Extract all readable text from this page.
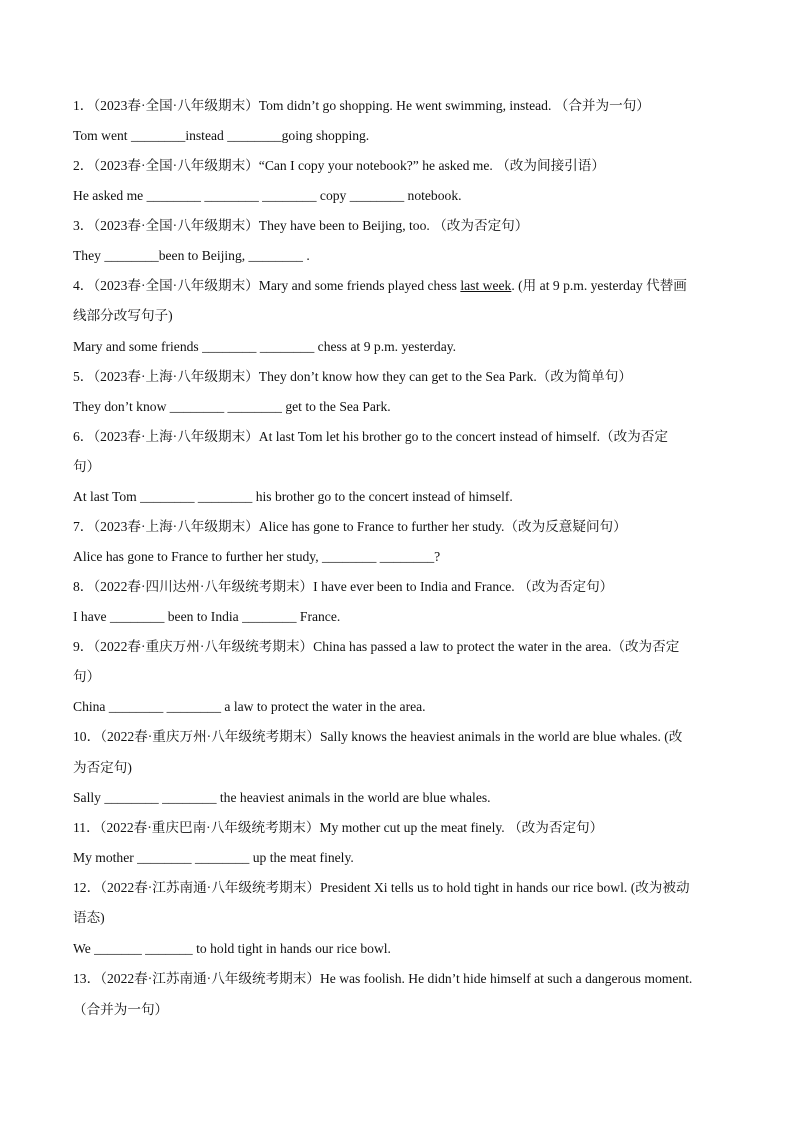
1．（2023春·全国·八年级期末）Tom didn’t go shopping. He went swimming, instead. （合并为一句）
Tom went ________instead ________going shopping.
2．（2023春·全国·八年级期末）“Can I copy your notebook?” he asked me. （改为间接引语）
He asked me ________ ________ ________ copy ________ notebook.
3．（2023春·全国·八年级期末）They have been to Beijing, too. （改为否定句）
They ________been to Beijing, ________ .
4．（2023春·全国·八年级期末）Mary and some friends played chess last week. (用 at 9 p.m. yesterday 代替画
线部分改写句子)
Mary and some friends ________ ________ chess at 9 p.m. yesterday.
5．（2023春·上海·八年级期末）They don’t know how they can get to the Sea Park.（改为简单句）
They don’t know ________ ________ get to the Sea Park.
6．（2023春·上海·八年级期末）At last Tom let his brother go to the concert instead of himself.（改为否定
句）
At last Tom ________ ________ his brother go to the concert instead of himself.
7．（2023春·上海·八年级期末）Alice has gone to France to further her study.（改为反意疑问句）
Alice has gone to France to further her study, ________ ________?
8．（2022春·四川达州·八年级统考期末）I have ever been to India and France. （改为否定句）
I have ________ been to India ________ France.
9．（2022春·重庆万州·八年级统考期末）China has passed a law to protect the water in the area.（改为否定
句）
China ________ ________ a law to protect the water in the area.
10．（2022春·重庆万州·八年级统考期末）Sally knows the heaviest animals in the world are blue whales. (改
为否定句)
Sally ________ ________ the heaviest animals in the world are blue whales.
11．（2022春·重庆巴南·八年级统考期末）My mother cut up the meat finely. （改为否定句）
My mother ________ ________ up the meat finely.
12．（2022春·江苏南通·八年级统考期末）President Xi tells us to hold tight in hands our rice bowl. (改为被动
语态)
We _______ _______ to hold tight in hands our rice bowl.
13．（2022春·江苏南通·八年级统考期末）He was foolish. He didn’t hide himself at such a dangerous moment.
（合并为一句）
